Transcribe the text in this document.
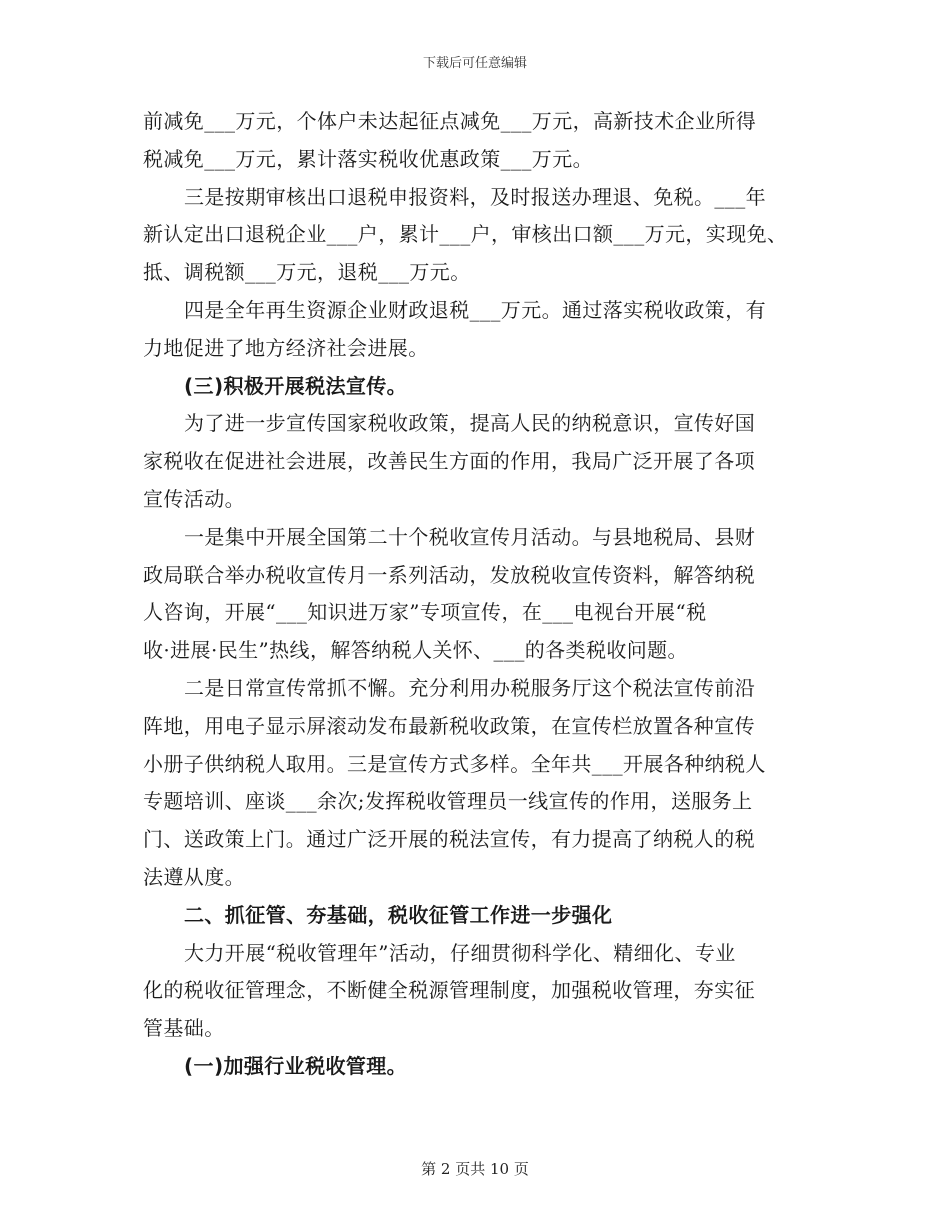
下载后可任意编辑
前减免___万元，个体户未达起征点减免___万元，高新技术企业所得
税减免___万元，累计落实税收优惠政策___万元。
三是按期审核出口退税申报资料，及时报送办理退、免税。___年
新认定出口退税企业___户，累计___户，审核出口额___万元，实现免、
抵、调税额___万元，退税___万元。
四是全年再生资源企业财政退税___万元。通过落实税收政策，有
力地促进了地方经济社会进展。
(三)积极开展税法宣传。
为了进一步宣传国家税收政策，提高人民的纳税意识，宣传好国
家税收在促进社会进展，改善民生方面的作用，我局广泛开展了各项
宣传活动。
一是集中开展全国第二十个税收宣传月活动。与县地税局、县财
政局联合举办税收宣传月一系列活动，发放税收宣传资料，解答纳税
人咨询，开展“___知识进万家”专项宣传，在___电视台开展“税
收·进展·民生”热线，解答纳税人关怀、___的各类税收问题。
二是日常宣传常抓不懈。充分利用办税服务厅这个税法宣传前沿
阵地，用电子显示屏滚动发布最新税收政策，在宣传栏放置各种宣传
小册子供纳税人取用。三是宣传方式多样。全年共___开展各种纳税人
专题培训、座谈___余次;发挥税收管理员一线宣传的作用，送服务上
门、送政策上门。通过广泛开展的税法宣传，有力提高了纳税人的税
法遵从度。
二、抓征管、夯基础，税收征管工作进一步强化
大力开展“税收管理年”活动，仔细贯彻科学化、精细化、专业
化的税收征管理念，不断健全税源管理制度，加强税收管理，夯实征
管基础。
(一)加强行业税收管理。
第 2 页共 10 页
